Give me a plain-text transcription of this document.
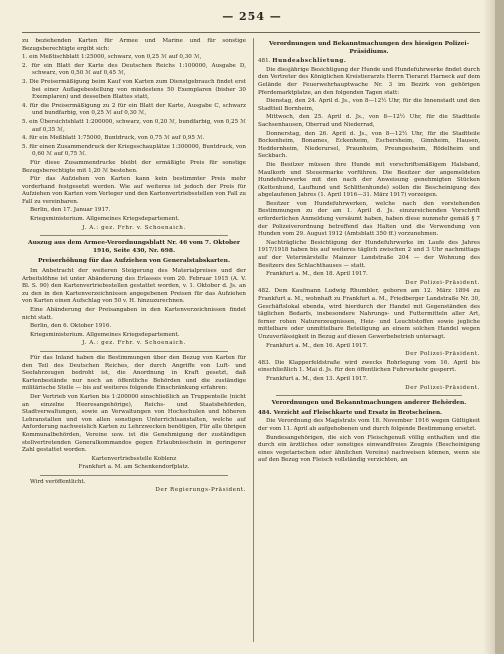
— 254 —

zu beziehenden Karten für Armee und Marine und für sonstige Bezugsberechtigte ergibt sich:

1. ein Meßtischblatt 1:25000, schwarz, von 0,25 ℳ auf 0,30 ℳ,

2. für ein Blatt der Karte des Deutschen Reichs 1:100000, Ausgabe D, schwarz, von 0,50 ℳ auf 0,45 ℳ,

3. Die Preisermäßigung beim Kauf von Karten zum Dienstgebrauch findet erst bei einer Auflagebestellung von mindestens 50 Exemplaren (bisher 30 Exemplaren) und desselben Blattes statt,

4. für die Preisermäßigung zu 2 für ein Blatt der Karte, Ausgabe C, schwarz und bundfarbig, von 0,25 ℳ auf 0,30 ℳ,

5. ein Übersichtsblatt 1:200000, schwarz, von 0,20 ℳ, bundfarbig, von 0,25 ℳ auf 0,35 ℳ,

4. für ein Meßblatt 1:75000, Buntdruck, von 0,75 ℳ auf 0,95 ℳ.

5. für einen Zusammendruck der Kriegsschauplätze 1:300000, Buntdruck, von 0,60 ℳ auf 0,75 ℳ.

Für diese Zusammendrucke bleibt der ermäßigte Preis für sonstige Bezugsberechtigte mit 1,20 ℳ bestehen.

Für das Aufziehen von Karten kann kein bestimmter Preis mehr vorderhand festgesetzt werden. Wie auf weiteres ist jedoch der Preis für Aufziehen von Karten vom Verleger und den Kartenvertriebsstellen von Fall zu Fall zu vereinbaren.

Berlin, den 17. Januar 1917.

Kriegsministerium. Allgemeines Kriegsdepartement.

J. A.: gez. Frhr. v. Schoenaich.

Auszug aus dem Armee-Verordnungsblatt Nr. 46 vom 7. Oktober 1916, Seite 430, Nr. 698.

Preiserhöhung für das Aufziehen von Generalstabskarten.

Im Anbetracht der weiteren Steigerung des Materialpreises und der Arbeitslöhne ist unter Abänderung des Erlasses vom 20. Februar 1915 (A. V. Bl. S. 90) den Kartenvertriebsstellen gestattet worden, v. 1. Oktober d. Js. an zu den in den Kartenverzeichnissen angegebenen Preisen für das Aufziehen von Karten einen Aufschlag von 50 v. H. hinzuzurechnen.

Eine Abänderung der Preisangaben in den Kartenverzeichnissen findet nicht statt.

Berlin, den 6. Oktober 1916.

Kriegsministerium. Allgemeines Kriegsdepartement.

J. A.: gez. Frhr. v. Schoenaich.

Für das Inland haben die Bestimmungen über den Bezug von Karten für den Teil des Deutschen Reiches, der durch Angriffe von Luft- und Seefahrzeugen bedroht ist, die Anordnung in Kraft gesetzt, daß Kartenbestände nur noch an öffentliche Behörden und die zuständige militärische Stelle — bis auf weiteres folgende Einschränkung erfahren:

Der Vertrieb von Karten bis 1:200000 einschließlich an Truppenteile (nicht an einzelne Heeresangehörige), Reichs- und Staatsbehörden, Stadtverwaltungen, sowie an Verwaltungen von Hochschulen und höheren Lehranstalten und von allen sonstigen Unterrichtsanstalten, welche auf Anforderung nachweislich Karten zu Lehrzwecken benötigen, Für alle übrigen Kommunalbehörden, Vereine usw. ist die Genehmigung der zuständigen stellvertretenden Generalkommandos gegen Erlaubnisschein in geringerer Zahl gestattet worden.

Kartenvertriebsstelle Koblenz

Frankfurt a. M. am Schenkendorfplatz.

Wird veröffentlicht.

Der Regierungs-Präsident.

Verordnungen und Bekanntmachungen des hiesigen Polizei-Präsidiums.

481. Hundeabschlietung.

Die diesjährige Besichtigung der Hunde und Hundefuhrwerke findet durch den Vertreter des Königlichen Kreistierarzts Herrn Tierarzt Harneck auf dem Gelände der Feuerwehrhauptwache Nr. 3 im Bezirk von gehörigen Pferdemarktplatze, an den folgenden Tagen statt:

Dienstag, den 24. April d. Js., von 8—12½ Uhr, für die Innenstadt und den Stadtteil Bornheim,

Mittwoch, den 25. April d. Js., von 8—12½ Uhr, für die Stadtteile Sachsenhausen, Oberrad und Niederrad,

Donnerstag, den 26. April d. Js., von 8—12½ Uhr, für die Stadtteile Bockenheim, Bonames, Eckenheim, Eschersheim, Ginnheim, Hausen, Heddernheim, Niederursel, Praunheim, Preungesheim, Rödelheim und Seckbach.

Die Besitzer müssen ihre Hunde mit vorschriftsmäßigem Halsband, Maulkorb und Steuermarke vorführen. Die Besitzer der angemeldeten Hundefuhrwerke mit den nach der Anweisung genehmigten Stücken (Kettenhund, Laufhund und Schlittenhunde) sollen die Bescheinigung des abgelaufenen Jahres (1. April 1916—31. März 1917) vorzeigen.

Besitzer von Hundefuhrwerken, welche nach den vorstehenden Bestimmungen zu der am 1. April d. Js. einzureichenden Vorschrift erforderlichen Anmeldung versäumt haben, haben diese nunmehr gemäß § 7 der Polizeiverordnung betreffend das Halten und die Verwendung von Hunden vom 29. August 1912 (Amtsblatt 350 ff.) vorzunehmen.

Nachträgliche Besichtigung der Hundefuhrwerke im Laufe des Jahres 1917/1918 haben bis auf weiteres täglich zwischen 2 und 3 Uhr nachmittags auf der Veterinärstelle Mainzer Landstraße 204 — der Wohnung des Besitzers des Schlachthauses — statt.

Frankfurt a. M., den 18. April 1917.

Der Polizei-Präsident.

482. Dem Kaufmann Ludwig Rhumbler, geboren am 12. März 1894 zu Frankfurt a. M., wohnhaft zu Frankfurt a. M., Friedberger Landstraße Nr. 30, Geschäftslokal ebenda, wird hierdurch der Handel mit Gegenständen des täglichen Bedarfs, insbesondere Nahrungs- und Futtermitteln aller Art, ferner rohen Naturerzeugnissen, Heiz- und Leuchtstoffen sowie jegliche mittelbare oder unmittelbare Beteiligung an einem solchen Handel wegen Unzuverlässigkeit in Bezug auf diesen Gewerbebetrieb untersagt.

Frankfurt a. M., den 16. April 1917.

Der Polizei-Präsident.

483. Die Klapperfeldstraße wird zwecks Rohrlegung vom 16. April bis einschließlich 1. Mai d. Js. für den öffentlichen Fuhrverkehr gesperrt.

Frankfurt a. M., den 13. April 1917.

Der Polizei-Präsident.

Verordnungen und Bekanntmachungen anderer Behörden.

484. Verzicht auf Fleischkarte und Ersatz in Brotscheinen.

Die Verordnung des Magistrats vom 18. November 1916 wegen Gültigkeit der vom 11. April ab aufgehobenen und durch folgende Bestimmung ersetzt.

Bundesangehörigen, die sich von Fleischgenuß völlig enthalten und die durch ein ärztliches oder sonstiges einwandfreies Zeugnis (Bescheinigung eines vegetarischen oder ähnlichen Vereins) nachweisen können, wenn sie auf den Bezug von Fleisch vollständig verzichten, an
